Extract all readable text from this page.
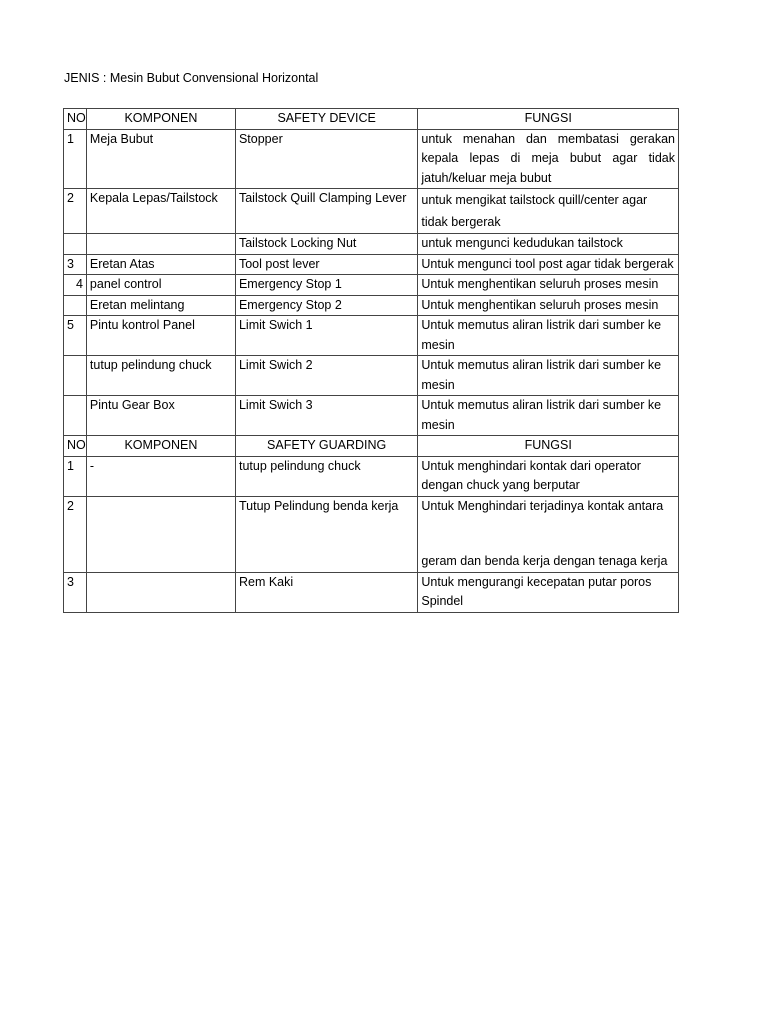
JENIS : Mesin Bubut Convensional Horizontal
NO	KOMPONEN	SAFETY DEVICE	FUNGSI
1	Meja Bubut	Stopper	untuk menahan dan membatasi gerakan kepala lepas di meja bubut agar tidak jatuh/keluar meja bubut
2	Kepala Lepas/Tailstock	Tailstock Quill Clamping Lever	untuk mengikat tailstock quill/center agar tidak bergerak
		Tailstock Locking Nut	untuk mengunci kedudukan tailstock
3	Eretan Atas	Tool post lever	Untuk mengunci tool post agar tidak bergerak
4	panel control	Emergency Stop 1	Untuk menghentikan seluruh proses mesin
	Eretan melintang	Emergency Stop 2	Untuk menghentikan seluruh proses mesin
5	Pintu kontrol Panel	Limit Swich 1	Untuk memutus aliran listrik dari sumber ke mesin
	tutup pelindung chuck	Limit Swich 2	Untuk memutus aliran listrik dari sumber ke mesin
	Pintu Gear Box	Limit Swich 3	Untuk memutus aliran listrik dari sumber ke mesin
NO	KOMPONEN	SAFETY GUARDING	FUNGSI
1	-	tutup pelindung chuck	Untuk menghindari kontak dari operator dengan chuck yang berputar
2		Tutup Pelindung benda kerja	Untuk Menghindari terjadinya kontak antara
geram dan benda kerja dengan tenaga kerja
3		Rem Kaki	Untuk mengurangi kecepatan putar poros Spindel
